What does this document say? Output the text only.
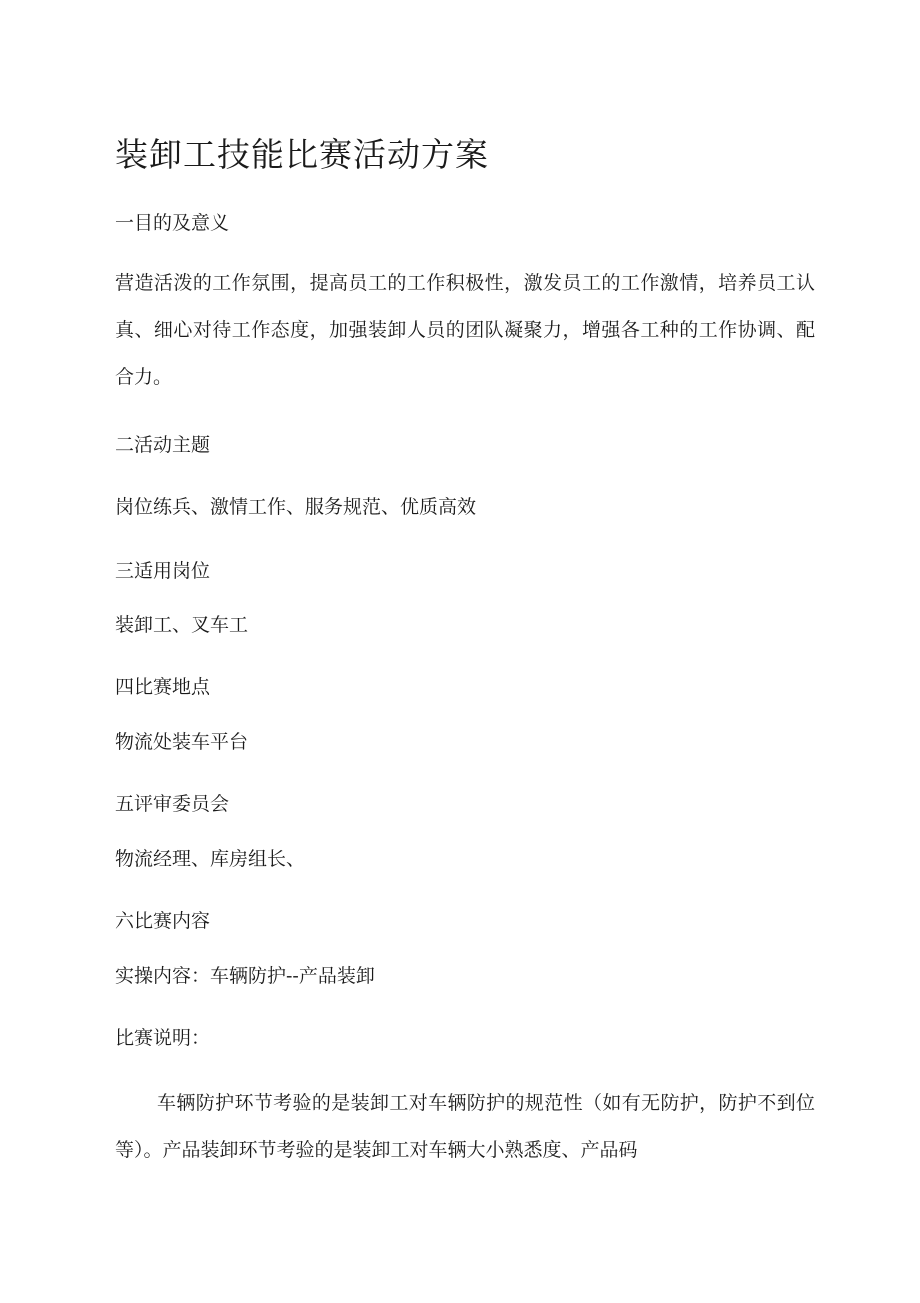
装卸工技能比赛活动方案

一目的及意义

营造活泼的工作氛围，提高员工的工作积极性，激发员工的工作激情，培养员工认真、细心对待工作态度，加强装卸人员的团队凝聚力，增强各工种的工作协调、配合力。

二活动主题

岗位练兵、激情工作、服务规范、优质高效

三适用岗位

装卸工、叉车工

四比赛地点

物流处装车平台

五评审委员会

物流经理、库房组长、

六比赛内容

实操内容：车辆防护--产品装卸

比赛说明：

车辆防护环节考验的是装卸工对车辆防护的规范性（如有无防护，防护不到位等）。产品装卸环节考验的是装卸工对车辆大小熟悉度、产品码
